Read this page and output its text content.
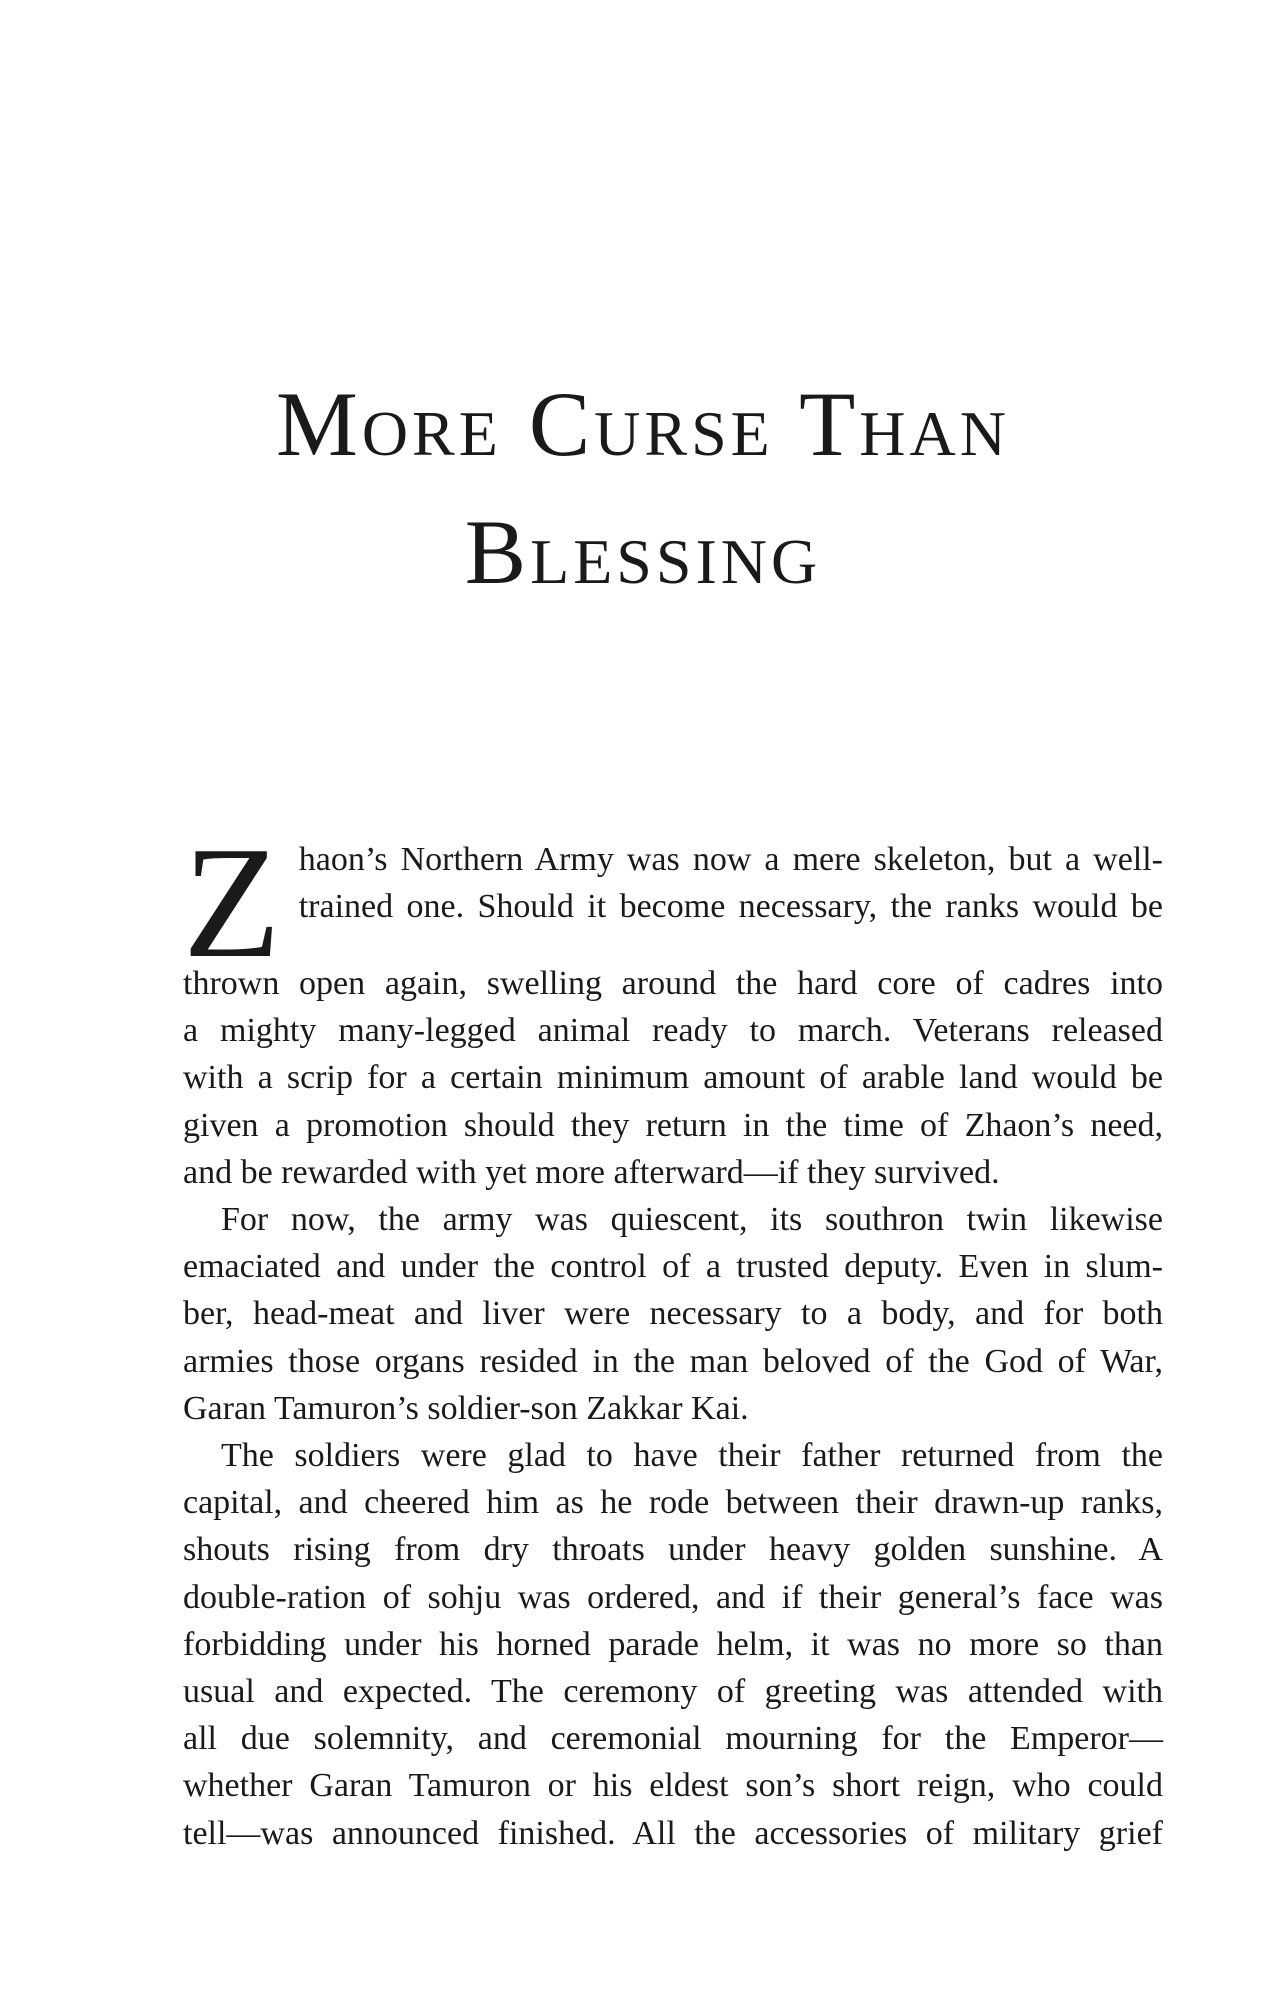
More Curse Than
Blessing
Z haon’s Northern Army was now a mere skeleton, but a well-
trained one. Should it become necessary, the ranks would be
thrown open again, swelling around the hard core of cadres into
a mighty many-legged animal ready to march. Veterans released
with a scrip for a certain minimum amount of arable land would be
given a promotion should they return in the time of Zhaon’s need,
and be rewarded with yet more afterward—if they survived.
For now, the army was quiescent, its southron twin likewise
emaciated and under the control of a trusted deputy. Even in slum-
ber, head-meat and liver were necessary to a body, and for both
armies those organs resided in the man beloved of the God of War,
Garan Tamuron’s soldier-son Zakkar Kai.
The soldiers were glad to have their father returned from the
capital, and cheered him as he rode between their drawn-up ranks,
shouts rising from dry throats under heavy golden sunshine. A
double-ration of sohju was ordered, and if their general’s face was
forbidding under his horned parade helm, it was no more so than
usual and expected. The ceremony of greeting was attended with
all due solemnity, and ceremonial mourning for the Emperor—
whether Garan Tamuron or his eldest son’s short reign, who could
tell—was announced finished. All the accessories of military grief
